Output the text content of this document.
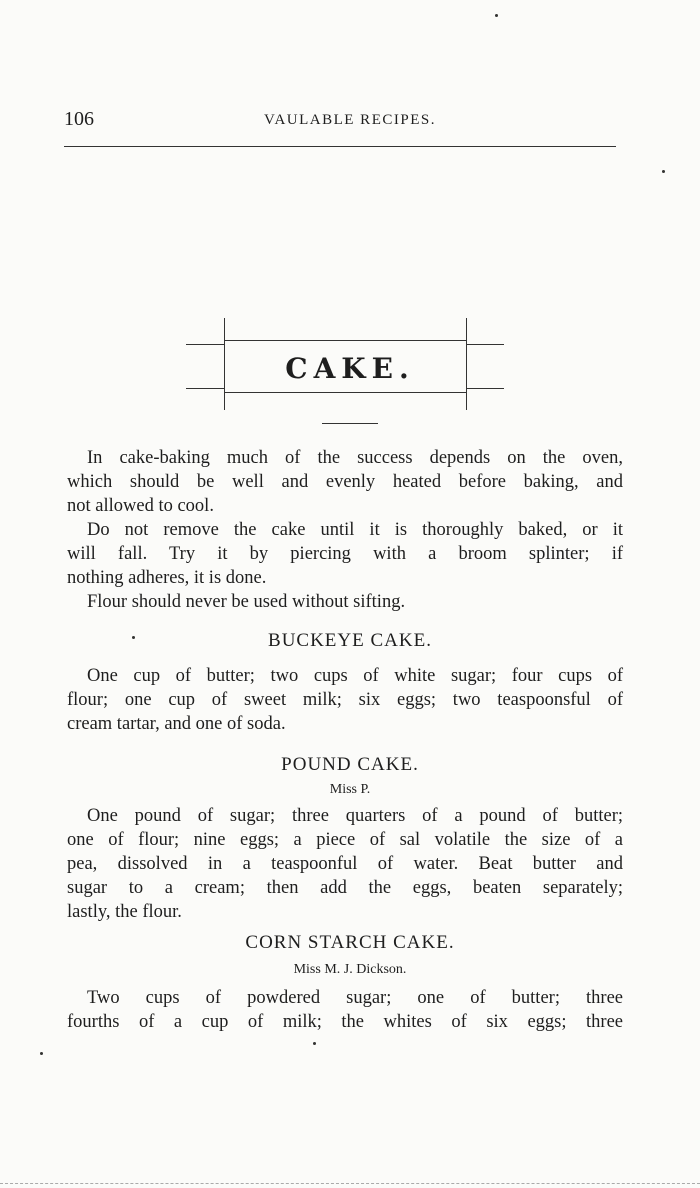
106	VAULABLE RECIPES.
CAKE.

In cake-baking much of the success depends on the oven,
which should be well and evenly heated before baking, and
not allowed to cool.

Do not remove the cake until it is thoroughly baked, or it
will fall. Try it by piercing with a broom splinter; if
nothing adheres, it is done.

Flour should never be used without sifting.

BUCKEYE CAKE.

One cup of butter; two cups of white sugar; four cups of
flour; one cup of sweet milk; six eggs; two teaspoonsful of
cream tartar, and one of soda.

POUND CAKE.
Miss P.

One pound of sugar; three quarters of a pound of butter;
one of flour; nine eggs; a piece of sal volatile the size of a
pea, dissolved in a teaspoonful of water. Beat butter and
sugar to a cream; then add the eggs, beaten separately;
lastly, the flour.

CORN STARCH CAKE.
Miss M. J. Dickson.

Two cups of powdered sugar; one of butter; three
fourths of a cup of milk; the whites of six eggs; three
